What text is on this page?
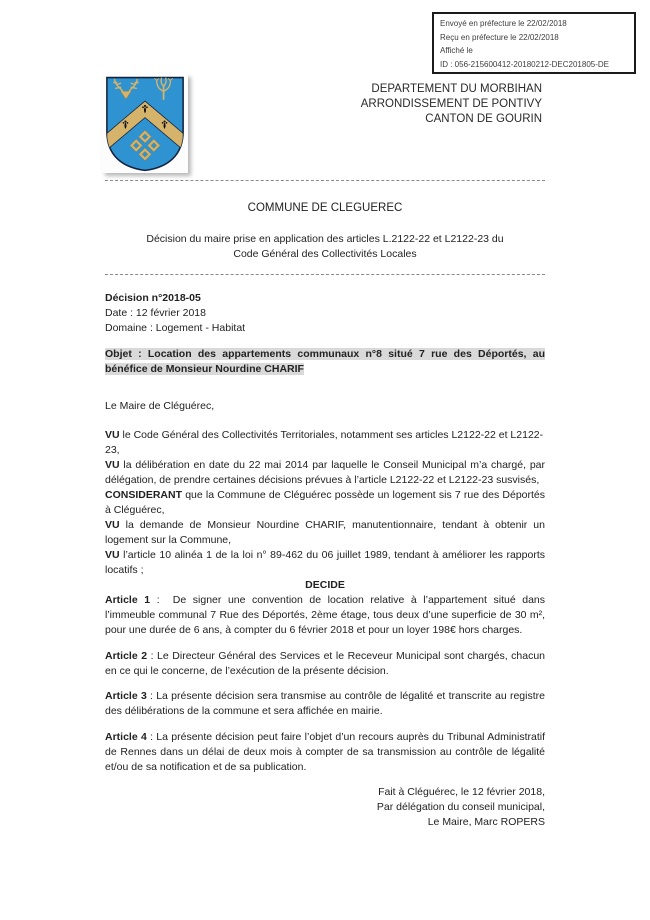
Envoyé en préfecture le 22/02/2018
Reçu en préfecture le 22/02/2018
Affiché le
ID : 056-215600412-20180212-DEC201805-DE
DEPARTEMENT DU MORBIHAN
ARRONDISSEMENT DE PONTIVY
CANTON DE GOURIN
COMMUNE DE CLEGUEREC
Décision du maire prise en application des articles L.2122-22 et L2122-23 du Code Général des Collectivités Locales
Décision n°2018-05
Date : 12 février 2018
Domaine : Logement - Habitat
Objet : Location des appartements communaux n°8 situé 7 rue des Déportés, au bénéfice de Monsieur Nourdine CHARIF
Le Maire de Cléguérec,

VU le Code Général des Collectivités Territoriales, notamment ses articles L2122-22 et L2122-23,

VU la délibération en date du 22 mai 2014 par laquelle le Conseil Municipal m’a chargé, par délégation, de prendre certaines décisions prévues à l’article L2122-22 et L2122-23 susvisés,

CONSIDERANT que la Commune de Cléguérec possède un logement sis 7 rue des Déportés à Cléguérec,

VU la demande de Monsieur Nourdine CHARIF, manutentionnaire, tendant à obtenir un logement sur la Commune,

VU l’article 10 alinéa 1 de la loi n° 89-462 du 06 juillet 1989, tendant à améliorer les rapports locatifs ;

DECIDE

Article 1 :  De signer une convention de location relative à l’appartement situé dans l’immeuble communal 7 Rue des Déportés, 2ème étage, tous deux d’une superficie de 30 m², pour une durée de 6 ans, à compter du 6 février 2018 et pour un loyer 198€ hors charges.

Article 2 : Le Directeur Général des Services et le Receveur Municipal sont chargés, chacun en ce qui le concerne, de l’exécution de la présente décision.

Article 3 : La présente décision sera transmise au contrôle de légalité et transcrite au registre des délibérations de la commune et sera affichée en mairie.

Article 4 : La présente décision peut faire l’objet d’un recours auprès du Tribunal Administratif de Rennes dans un délai de deux mois à compter de sa transmission au contrôle de légalité et/ou de sa notification et de sa publication.

Fait à Cléguérec, le 12 février 2018,
Par délégation du conseil municipal,
Le Maire, Marc ROPERS
